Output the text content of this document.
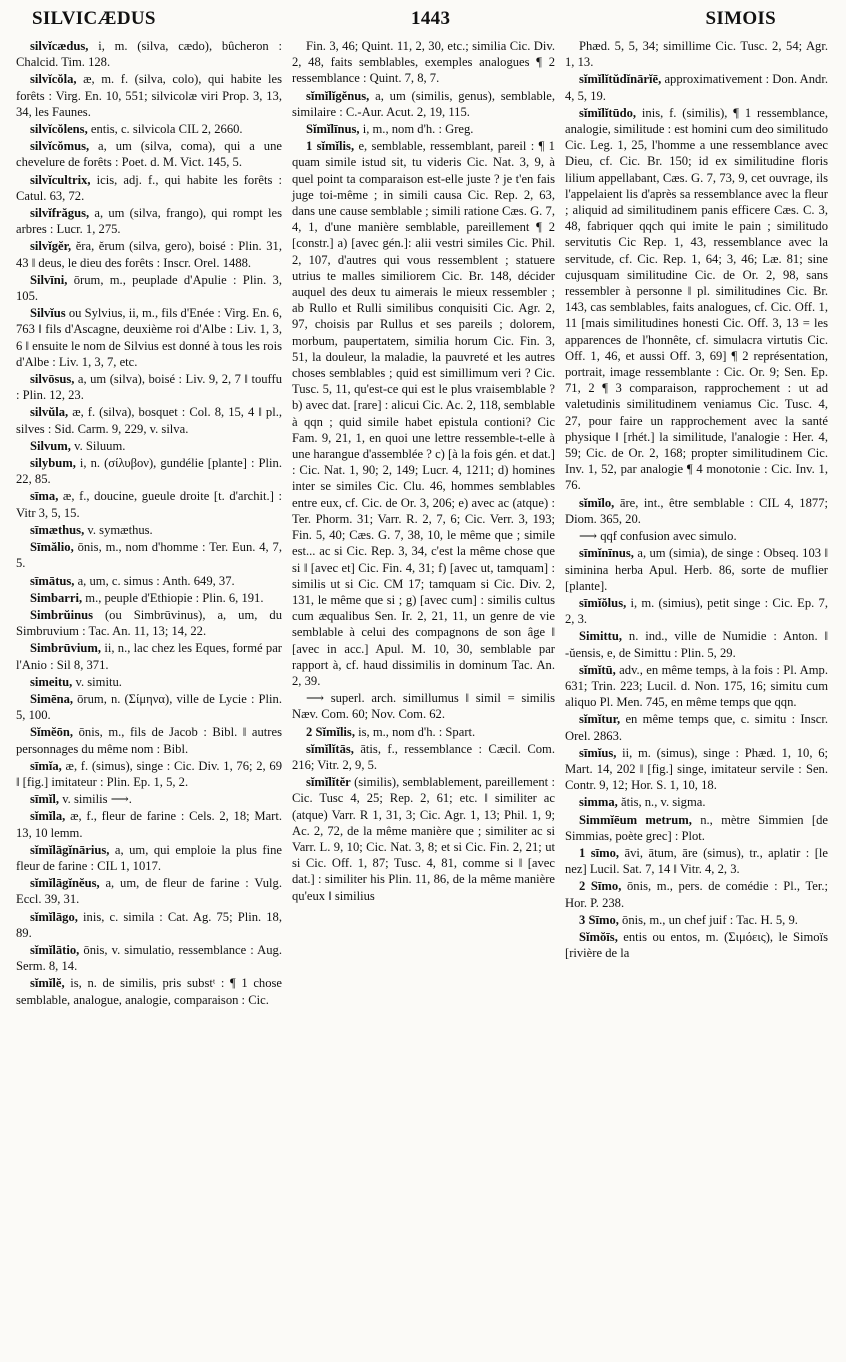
SILVICÆDUS	1443	SIMOIS

silvĭcædus, i, m. (silva, cædo), bûcheron : Chalcid. Tim. 128.

silvĭcŏla, æ, m. f. (silva, colo), qui habite les forêts : Virg. En. 10, 551; silvicolæ viri Prop. 3, 13, 34, les Faunes.

silvĭcŏlens, entis, c. silvicola CIL 2, 2660.

silvĭcŏmus, a, um (silva, coma), qui a une chevelure de forêts : Poet. d. M. Vict. 145, 5.

silvĭcultrix, icis, adj. f., qui habite les forêts : Catul. 63, 72.

silvĭfrăgus, a, um (silva, frango), qui rompt les arbres : Lucr. 1, 275.

silvĭgĕr, ĕra, ĕrum (silva, gero), boisé : Plin. 31, 43 ‖ deus, le dieu des forêts : Inscr. Orel. 1488.

Silvīni, ōrum, m., peuplade d'Apulie : Plin. 3, 105.

Silvĭus ou Sylvius, ii, m., fils d'Enée : Virg. En. 6, 763 ‖ fils d'Ascagne, deuxième roi d'Albe : Liv. 1, 3, 6 ‖ ensuite le nom de Silvius est donné à tous les rois d'Albe : Liv. 1, 3, 7, etc.

silvōsus, a, um (silva), boisé : Liv. 9, 2, 7 ‖ touffu : Plin. 12, 23.

silvŭla, æ, f. (silva), bosquet : Col. 8, 15, 4 ‖ pl., silves : Sid. Carm. 9, 229, v. silva.

Silvum, v. Siluum.

silybum, i, n. (σίλυβον), gundélie [plante] : Plin. 22, 85.

sīma, æ, f., doucine, gueule droite [t. d'archit.] : Vitr 3, 5, 15.

sīmæthus, v. symæthus.

Sīmălio, ōnis, m., nom d'homme : Ter. Eun. 4, 7, 5.

sīmātus, a, um, c. simus : Anth. 649, 37.

Simbarri, m., peuple d'Ethiopie : Plin. 6, 191.

Simbrŭinus (ou Simbrūvinus), a, um, du Simbruvium : Tac. An. 11, 13; 14, 22.

Simbrūvium, ii, n., lac chez les Eques, formé par l'Anio : Sil 8, 371.

simeitu, v. simitu.

Simēna, ōrum, n. (Σίμηνα), ville de Lycie : Plin. 5, 100.

Sĭmĕōn, ōnis, m., fils de Jacob : Bibl. ‖ autres personnages du même nom : Bibl.

sīmĭa, æ, f. (simus), singe : Cic. Div. 1, 76; 2, 69 ‖ [fig.] imitateur : Plin. Ep. 1, 5, 2.

sīmĭl, v. similis ⟶.

sĭmĭla, æ, f., fleur de farine : Cels. 2, 18; Mart. 13, 10 lemm.

sĭmĭlāgĭnārius, a, um, qui emploie la plus fine fleur de farine : CIL 1, 1017.

sĭmĭlāgĭnĕus, a, um, de fleur de farine : Vulg. Eccl. 39, 31.

sĭmĭlāgo, inis, c. simila : Cat. Ag. 75; Plin. 18, 89.

sĭmĭlātio, ōnis, v. simulatio, ressemblance : Aug. Serm. 8, 14.

sĭmĭlĕ, is, n. de similis, pris substᵗ : ¶ 1 chose semblable, analogue, analogie, comparaison : Cic.

Fin. 3, 46; Quint. 11, 2, 30, etc.; similia Cic. Div. 2, 48, faits semblables, exemples analogues ¶ 2 ressemblance : Quint. 7, 8, 7.

sĭmĭlĭgĕnus, a, um (similis, genus), semblable, similaire : C.-Aur. Acut. 2, 19, 115.

Sĭmĭlīnus, i, m., nom d'h. : Greg.

1 sĭmĭlis, e, semblable, ressemblant, pareil : ¶ 1 quam simile istud sit, tu videris Cic. Nat. 3, 9, à quel point ta comparaison est-elle juste ? je t'en fais juge toi-même ; in simili causa Cic. Rep. 2, 63, dans une cause semblable ; simili ratione Cæs. G. 7, 4, 1, d'une manière semblable, pareillement ¶ 2 [constr.] a) [avec gén.]: alii vestri similes Cic. Phil. 2, 107, d'autres qui vous ressemblent ; statuere utrius te malles similiorem Cic. Br. 148, décider auquel des deux tu aimerais le mieux ressembler ; ab Rullo et Rulli similibus conquisiti Cic. Agr. 2, 97, choisis par Rullus et ses pareils ; dolorem, morbum, paupertatem, similia horum Cic. Fin. 3, 51, la douleur, la maladie, la pauvreté et les autres choses semblables ; quid est simillimum veri ? Cic. Tusc. 5, 11, qu'est-ce qui est le plus vraisemblable ? b) avec dat. [rare] : alicui Cic. Ac. 2, 118, semblable à qqn ; quid simile habet epistula contioni? Cic Fam. 9, 21, 1, en quoi une lettre ressemble-t-elle à une harangue d'assemblée ? c) [à la fois gén. et dat.] : Cic. Nat. 1, 90; 2, 149; Lucr. 4, 1211; d) homines inter se similes Cic. Clu. 46, hommes semblables entre eux, cf. Cic. de Or. 3, 206; e) avec ac (atque) : Ter. Phorm. 31; Varr. R. 2, 7, 6; Cic. Verr. 3, 193; Fin. 5, 40; Cæs. G. 7, 38, 10, le même que ; simile est... ac si Cic. Rep. 3, 34, c'est la même chose que si ‖ [avec et] Cic. Fin. 4, 31; f) [avec ut, tamquam] : similis ut si Cic. CM 17; tamquam si Cic. Div. 2, 131, le même que si ; g) [avec cum] : similis cultus cum æqualibus Sen. Ir. 2, 21, 11, un genre de vie semblable à celui des compagnons de son âge ‖ [avec in acc.] Apul. M. 10, 30, semblable par rapport à, cf. haud dissimilis in dominum Tac. An. 2, 39.

⟶ superl. arch. simillumus ‖ simil = similis Næv. Com. 60; Nov. Com. 62.

2 Sĭmĭlis, is, m., nom d'h. : Spart.

sĭmĭlĭtās, ātis, f., ressemblance : Cæcil. Com. 216; Vitr. 2, 9, 5.

sĭmĭlĭtĕr (similis), semblablement, pareillement : Cic. Tusc 4, 25; Rep. 2, 61; etc. ‖ similiter ac (atque) Varr. R 1, 31, 3; Cic. Agr. 1, 13; Phil. 1, 9; Ac. 2, 72, de la même manière que ; similiter ac si Varr. L. 9, 10; Cic. Nat. 3, 8; et si Cic. Fin. 2, 21; ut si Cic. Off. 1, 87; Tusc. 4, 81, comme si ‖ [avec dat.] : similiter his Plin. 11, 86, de la même manière qu'eux ‖ similius

Phæd. 5, 5, 34; simillime Cic. Tusc. 2, 54; Agr. 1, 13.

sĭmĭlĭtŭdĭnārĭē, approximativement : Don. Andr. 4, 5, 19.

sĭmĭlĭtūdo, inis, f. (similis), ¶ 1 ressemblance, analogie, similitude : est homini cum deo similitudo Cic. Leg. 1, 25, l'homme a une ressemblance avec Dieu, cf. Cic. Br. 150; id ex similitudine floris lilium appellabant, Cæs. G. 7, 73, 9, cet ouvrage, ils l'appelaient lis d'après sa ressemblance avec la fleur ; aliquid ad similitudinem panis efficere Cæs. C. 3, 48, fabriquer qqch qui imite le pain ; similitudo servitutis Cic Rep. 1, 43, ressemblance avec la servitude, cf. Cic. Rep. 1, 64; 3, 46; Læ. 81; sine cujusquam similitudine Cic. de Or. 2, 98, sans ressembler à personne ‖ pl. similitudines Cic. Br. 143, cas semblables, faits analogues, cf. Cic. Off. 1, 11 [mais similitudines honesti Cic. Off. 3, 13 = les apparences de l'honnête, cf. simulacra virtutis Cic. Off. 1, 46, et aussi Off. 3, 69] ¶ 2 représentation, portrait, image ressemblante : Cic. Or. 9; Sen. Ep. 71, 2 ¶ 3 comparaison, rapprochement : ut ad valetudinis similitudinem veniamus Cic. Tusc. 4, 27, pour faire un rapprochement avec la santé physique ‖ [rhét.] la similitude, l'analogie : Her. 4, 59; Cic. de Or. 2, 168; propter similitudinem Cic. Inv. 1, 52, par analogie ¶ 4 monotonie : Cic. Inv. 1, 76.

sĭmĭlo, āre, int., être semblable : CIL 4, 1877; Diom. 365, 20.

⟶ qqf confusion avec simulo.

sīmĭnīnus, a, um (simia), de singe : Obseq. 103 ‖ siminina herba Apul. Herb. 86, sorte de muflier [plante].

sīmĭŏlus, i, m. (simius), petit singe : Cic. Ep. 7, 2, 3.

Simittu, n. ind., ville de Numidie : Anton. ‖ -ŭensis, e, de Simittu : Plin. 5, 29.

sĭmĭtū, adv., en même temps, à la fois : Pl. Amp. 631; Trin. 223; Lucil. d. Non. 175, 16; simitu cum aliquo Pl. Men. 745, en même temps que qqn.

sĭmĭtur, en même temps que, c. simitu : Inscr. Orel. 2863.

sīmĭus, ii, m. (simus), singe : Phæd. 1, 10, 6; Mart. 14, 202 ‖ [fig.] singe, imitateur servile : Sen. Contr. 9, 12; Hor. S. 1, 10, 18.

simma, ătis, n., v. sigma.

Simmĭēum metrum, n., mètre Simmien [de Simmias, poète grec] : Plot.

1 sīmo, āvi, ātum, āre (simus), tr., aplatir : [le nez] Lucil. Sat. 7, 14 ‖ Vitr. 4, 2, 3.

2 Sīmo, ōnis, m., pers. de comédie : Pl., Ter.; Hor. P. 238.

3 Sīmo, ōnis, m., un chef juif : Tac. H. 5, 9.

Sĭmŏīs, entis ou entos, m. (Σιμόεις), le Simoïs [rivière de la
